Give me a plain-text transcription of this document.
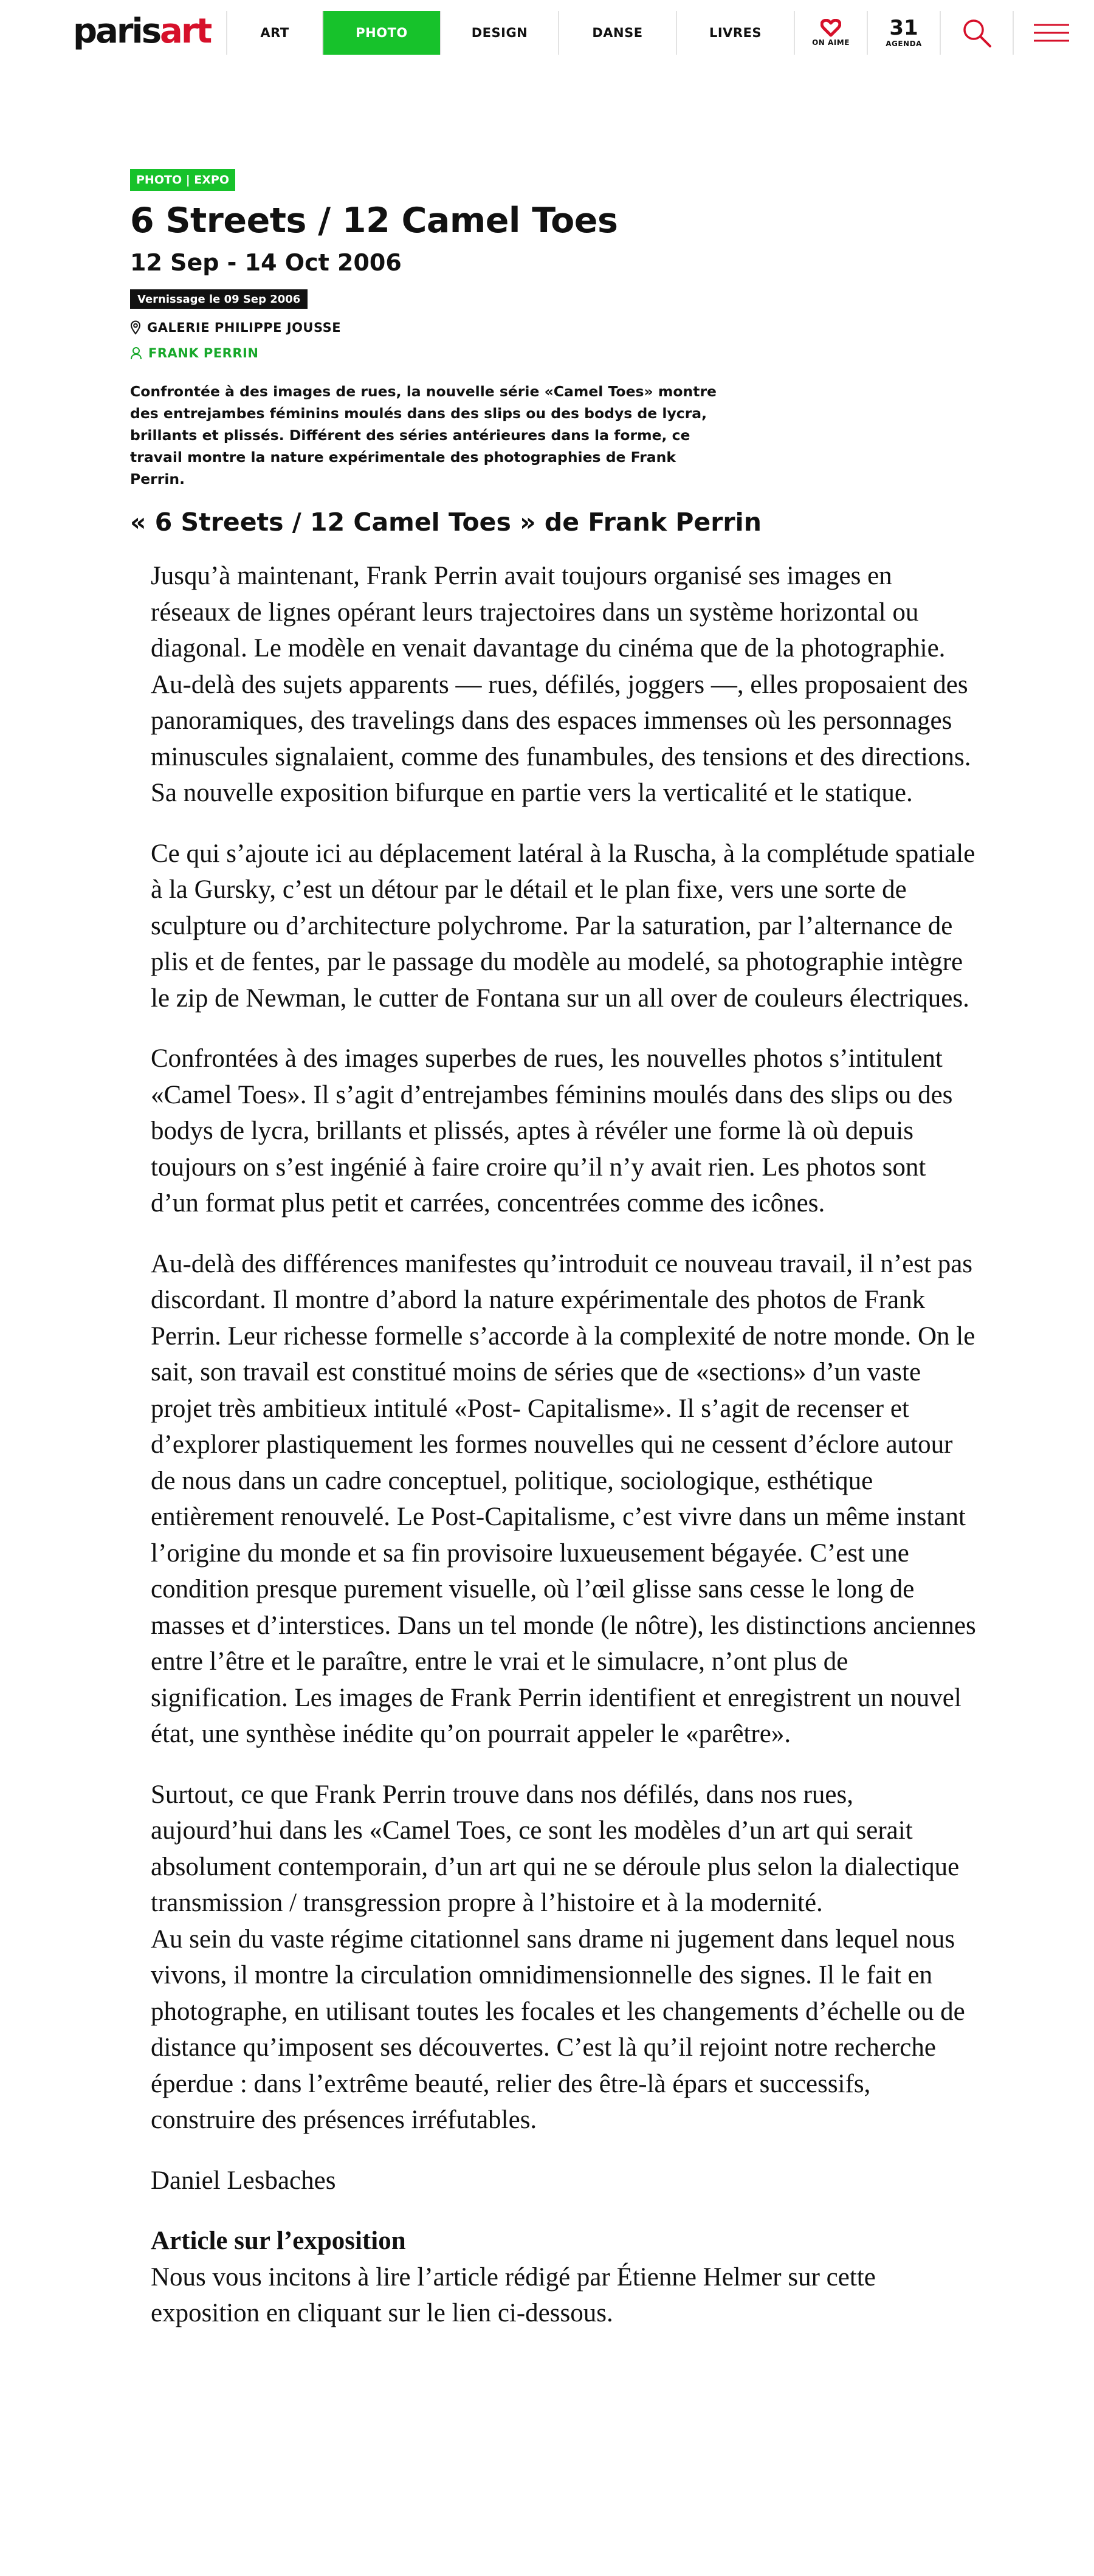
parisart	ART	PHOTO	DESIGN	DANSE	LIVRES
ON AIME
31
AGENDA
PHOTO | EXPO
6 Streets / 12 Camel Toes
12 Sep - 14 Oct 2006
Vernissage le 09 Sep 2006
GALERIE PHILIPPE JOUSSE
FRANK PERRIN

Confrontée à des images de rues, la nouvelle série «Camel Toes» montre des entrejambes féminins moulés dans des slips ou des bodys de lycra, brillants et plissés. Différent des séries antérieures dans la forme, ce travail montre la nature expérimentale des photographies de Frank Perrin.

« 6 Streets / 12 Camel Toes » de Frank Perrin

Jusqu’à maintenant, Frank Perrin avait toujours organisé ses images en réseaux de lignes opérant leurs trajectoires dans un système horizontal ou diagonal. Le modèle en venait davantage du cinéma que de la photographie. Au-delà des sujets apparents — rues, défilés, joggers —, elles proposaient des panoramiques, des travelings dans des espaces immenses où les personnages minuscules signalaient, comme des funambules, des tensions et des directions. Sa nouvelle exposition bifurque en partie vers la verticalité et le statique.

Ce qui s’ajoute ici au déplacement latéral à la Ruscha, à la complétude spatiale à la Gursky, c’est un détour par le détail et le plan fixe, vers une sorte de sculpture ou d’architecture polychrome. Par la saturation, par l’alternance de plis et de fentes, par le passage du modèle au modelé, sa photographie intègre le zip de Newman, le cutter de Fontana sur un all over de couleurs électriques.

Confrontées à des images superbes de rues, les nouvelles photos s’intitulent «Camel Toes». Il s’agit d’entrejambes féminins moulés dans des slips ou des bodys de lycra, brillants et plissés, aptes à révéler une forme là où depuis toujours on s’est ingénié à faire croire qu’il n’y avait rien. Les photos sont d’un format plus petit et carrées, concentrées comme des icônes.

Au-delà des différences manifestes qu’introduit ce nouveau travail, il n’est pas discordant. Il montre d’abord la nature expérimentale des photos de Frank Perrin. Leur richesse formelle s’accorde à la complexité de notre monde. On le sait, son travail est constitué moins de séries que de «sections» d’un vaste projet très ambitieux intitulé «Post- Capitalisme». Il s’agit de recenser et d’explorer plastiquement les formes nouvelles qui ne cessent d’éclore autour de nous dans un cadre conceptuel, politique, sociologique, esthétique entièrement renouvelé. Le Post-Capitalisme, c’est vivre dans un même instant l’origine du monde et sa fin provisoire luxueusement bégayée. C’est une condition presque purement visuelle, où l’œil glisse sans cesse le long de masses et d’interstices. Dans un tel monde (le nôtre), les distinctions anciennes entre l’être et le paraître, entre le vrai et le simulacre, n’ont plus de signification. Les images de Frank Perrin identifient et enregistrent un nouvel état, une synthèse inédite qu’on pourrait appeler le «parêtre».

Surtout, ce que Frank Perrin trouve dans nos défilés, dans nos rues, aujourd’hui dans les «Camel Toes, ce sont les modèles d’un art qui serait absolument contemporain, d’un art qui ne se déroule plus selon la dialectique transmission / transgression propre à l’histoire et à la modernité.

Au sein du vaste régime citationnel sans drame ni jugement dans lequel nous vivons, il montre la circulation omnidimensionnelle des signes. Il le fait en photographe, en utilisant toutes les focales et les changements d’échelle ou de distance qu’imposent ses découvertes. C’est là qu’il rejoint notre recherche éperdue : dans l’extrême beauté, relier des être-là épars et successifs, construire des présences irréfutables.

Daniel Lesbaches

Article sur l’exposition

Nous vous incitons à lire l’article rédigé par Étienne Helmer sur cette exposition en cliquant sur le lien ci-dessous.
